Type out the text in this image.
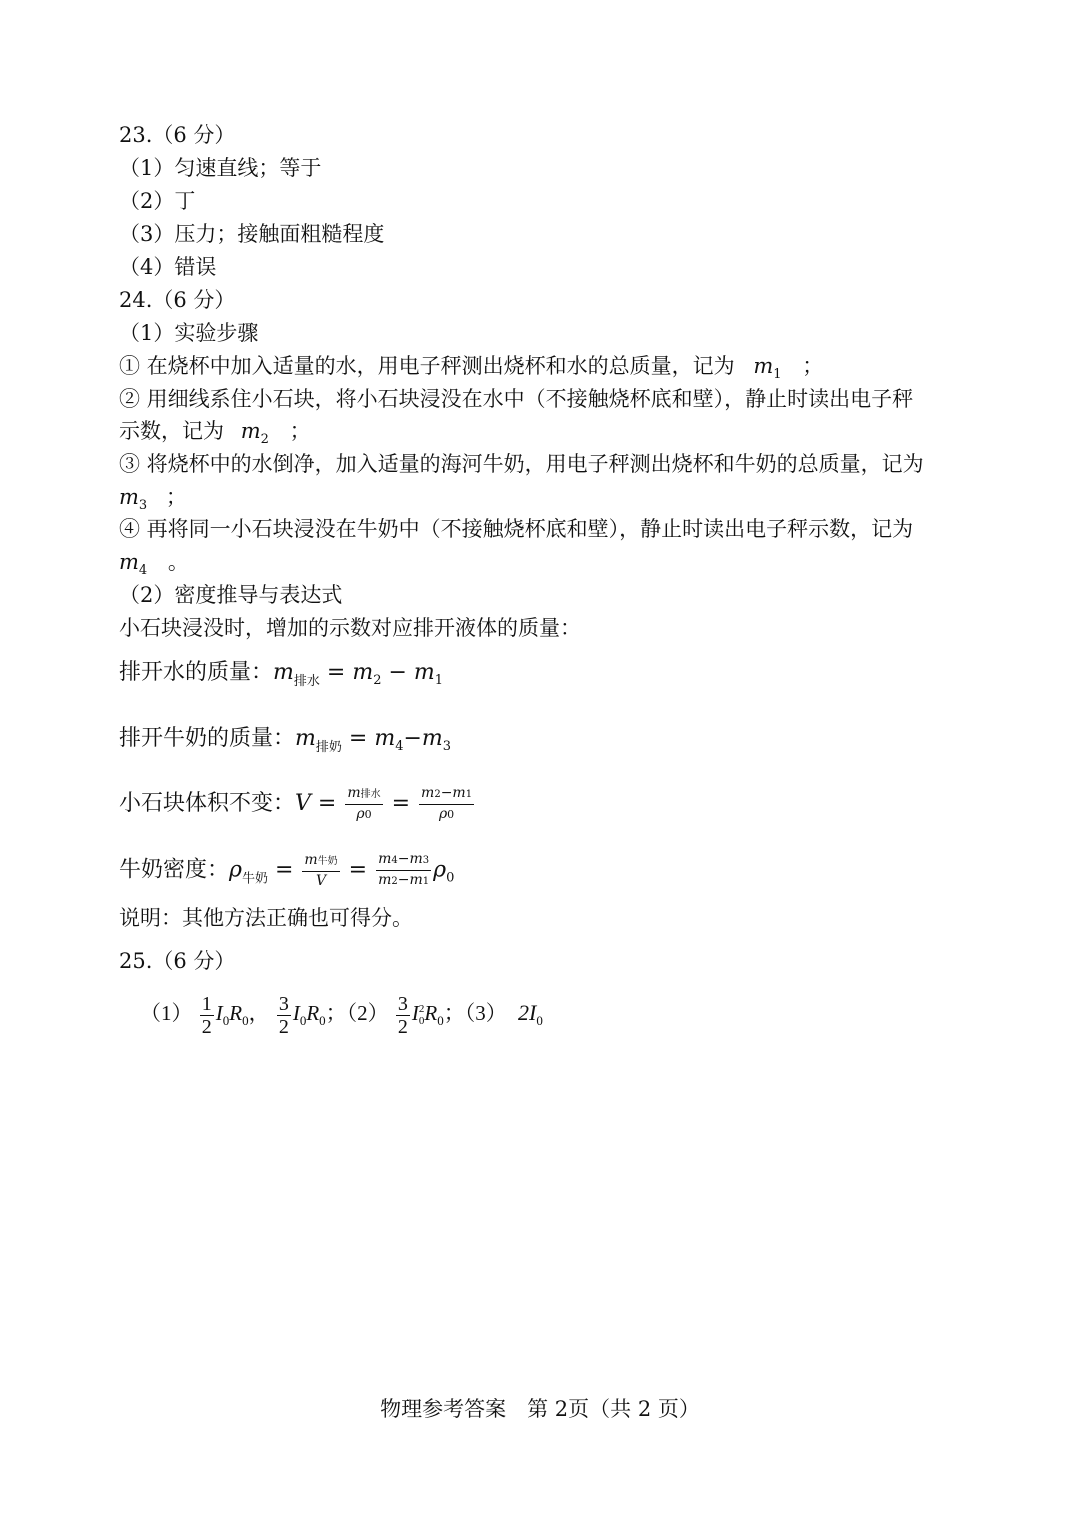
23.（6 分）
（1）匀速直线；等于
（2）丁
（3）压力；接触面粗糙程度
（4）错误
24.（6 分）
（1）实验步骤
① 在烧杯中加入适量的水，用电子秤测出烧杯和水的总质量，记为 $m_1$ ；
② 用细线系住小石块，将小石块浸没在水中（不接触烧杯底和壁），静止时读出电子秤
示数，记为 $m_2$ ；
③ 将烧杯中的水倒净，加入适量的海河牛奶，用电子秤测出烧杯和牛奶的总质量，记为
$m_3$ ；
④ 再将同一小石块浸没在牛奶中（不接触烧杯底和壁），静止时读出电子秤示数，记为
$m_4$ 。
（2）密度推导与表达式
小石块浸没时，增加的示数对应排开液体的质量：
排开水的质量：$m_{排水} = m_2 - m_1$
排开牛奶的质量：$m_{排奶} = m_4-m_3$
小石块体积不变：$V = \frac{\text{m排水}}{\rho 0} = \frac{m2-m1}{\rho 0}$
牛奶密度：$\rho_{牛奶} = \frac{\text{m牛奶}}{V} = \frac{m4-m3}{m2-m1} \rho_0$
说明：其他方法正确也可得分。
25.（6 分）
$(1) \frac{1}{2} I_0R_0$， $\frac{3}{2} I_0R_0$；$(2) \frac{3}{2}$ I 2
0 $R_0$；（3） $2I_0$
物理参考答案　第 2页（共 2 页）
